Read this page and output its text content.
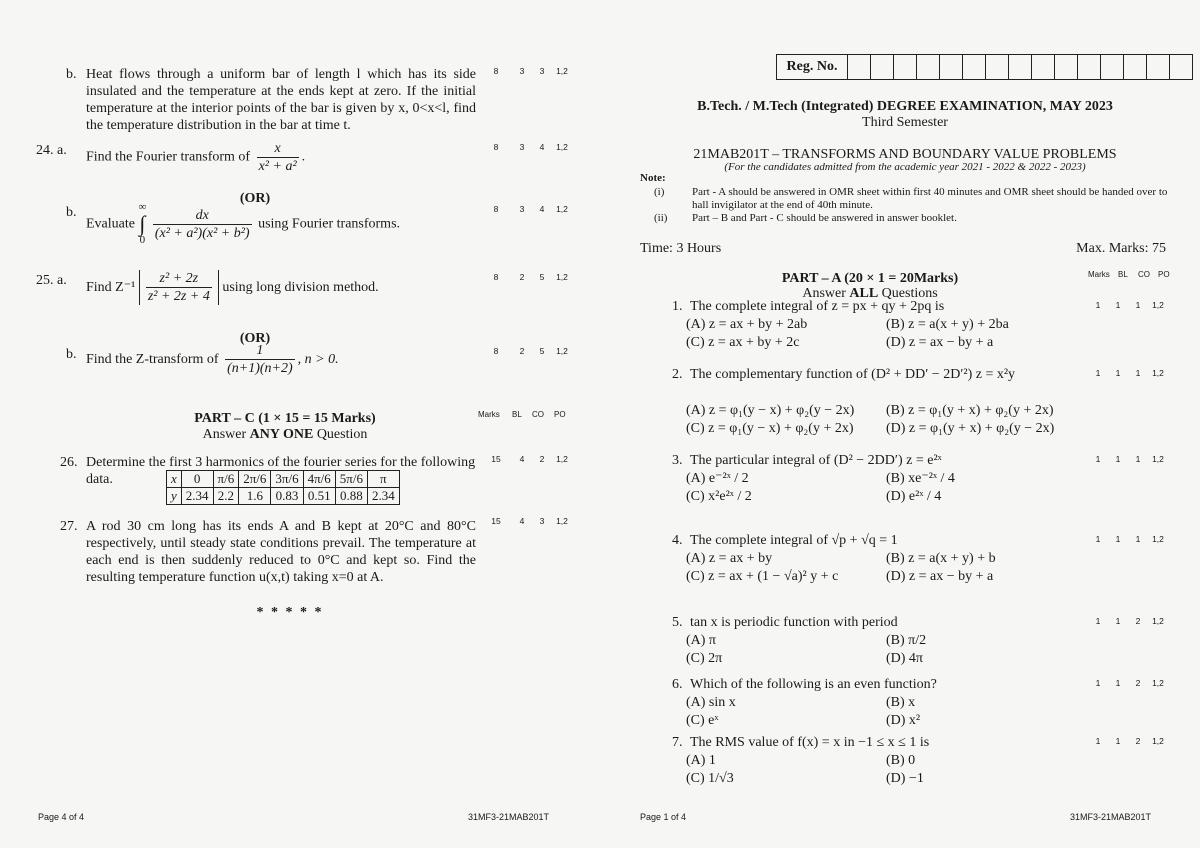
b. Heat flows through a uniform bar of length l which has its side insulated and the temperature at the ends kept at zero. If the initial temperature at the interior points of the bar is given by x, 0<x<l, find the temperature distribution in the bar at time t.
8	3	3	1,2
24. a. Find the Fourier transform of $\frac{x}{\text{x² + a²}}$ .
8	3	4	1,2
(OR)
b.
Evaluate
∞
∫
0
$\frac{dx}{\text{(x² + a²)(x² + b²)}}$ using Fourier transforms.
8	3	4	1,2
25. a. Find $Z^{-1} \frac{\text{z² + 2z}}{\text{z² + 2z + 4}}$ using long division method.
8	2	5	1,2
(OR)
b. Find the Z-transform of $\frac{1}{(n+1)(n+2)}$ , n > 0.
8	2	5	1,2
PART – C (1 × 15 = 15 Marks)
Answer ANY ONE Question
Marks BL CO PO
26. Determine the first 3 harmonics of the fourier series for the following data.
15	4	2	1,2
x	0	π/6	2π/6	3π/6	4π/6	5π/6	π
y	2.34	2.2	1.6	0.83	0.51	0.88	2.34
27. A rod 30 cm long has its ends A and B kept at 20°C and 80°C respectively, until steady state conditions prevail. The temperature at each end is then suddenly reduced to 0°C and kept so. Find the resulting temperature function u(x,t) taking x=0 at A.
15	4	3	1,2
* * * * *
Page 4 of 4	31MF3-21MAB201T
Reg. No.
B.Tech. / M.Tech (Integrated) DEGREE EXAMINATION, MAY 2023
Third Semester
21MAB201T – TRANSFORMS AND BOUNDARY VALUE PROBLEMS
(For the candidates admitted from the academic year 2021 - 2022 & 2022 - 2023)
Note:
(i)	Part - A should be answered in OMR sheet within first 40 minutes and OMR sheet should be handed over to hall invigilator at the end of 40th minute.
(ii) Part – B and Part - C should be answered in answer booklet.
Time: 3 Hours	Max. Marks: 75
PART – A (20 × 1 = 20Marks)
Answer ALL Questions
Marks BL CO PO
1. The complete integral of z = px + qy + 2pq is
(A) z = ax + by + 2ab	(B) z = a(x + y) + 2ba
(C) z = ax + by + 2c	(D) z = ax − by + a
1	1	1	1,2
2. The complementary function of (D² + DD′ − 2D′²) z = x²y
(A) z = φ₁(y − x) + φ₂(y − 2x) (B) z = φ₁(y + x) + φ₂(y + 2x)
(C) z = φ₁(y − x) + φ₂(y + 2x) (D) z = φ₁(y + x) + φ₂(y − 2x)
1	1	1	1,2
3. The particular integral of (D² − 2DD′) z = e²ˣ
(A) e⁻²ˣ / 2	(B) xe⁻²ˣ / 4
(C) x²e²ˣ / 2	(D) e²ˣ / 4
1	1	1	1,2
4. The complete integral of √p + √q = 1
(A) z = ax + by	(B) z = a(x + y) + b
(C) z = ax + (1 − √a)² y + c	(D) z = ax − by + a
1	1	1	1,2
5. tan x is periodic function with period
(A) π	(B) π/2
(C) 2π	(D) 4π
1	1	2	1,2
6. Which of the following is an even function?
(A) sin x	(B) x
(C) eˣ	(D) x²
1	1	2	1,2
7. The RMS value of f(x) = x in −1 ≤ x ≤ 1 is
(A) 1	(B) 0
(C) 1/√3	(D) −1
1	1	2	1,2
Page 1 of 4	31MF3-21MAB201T
